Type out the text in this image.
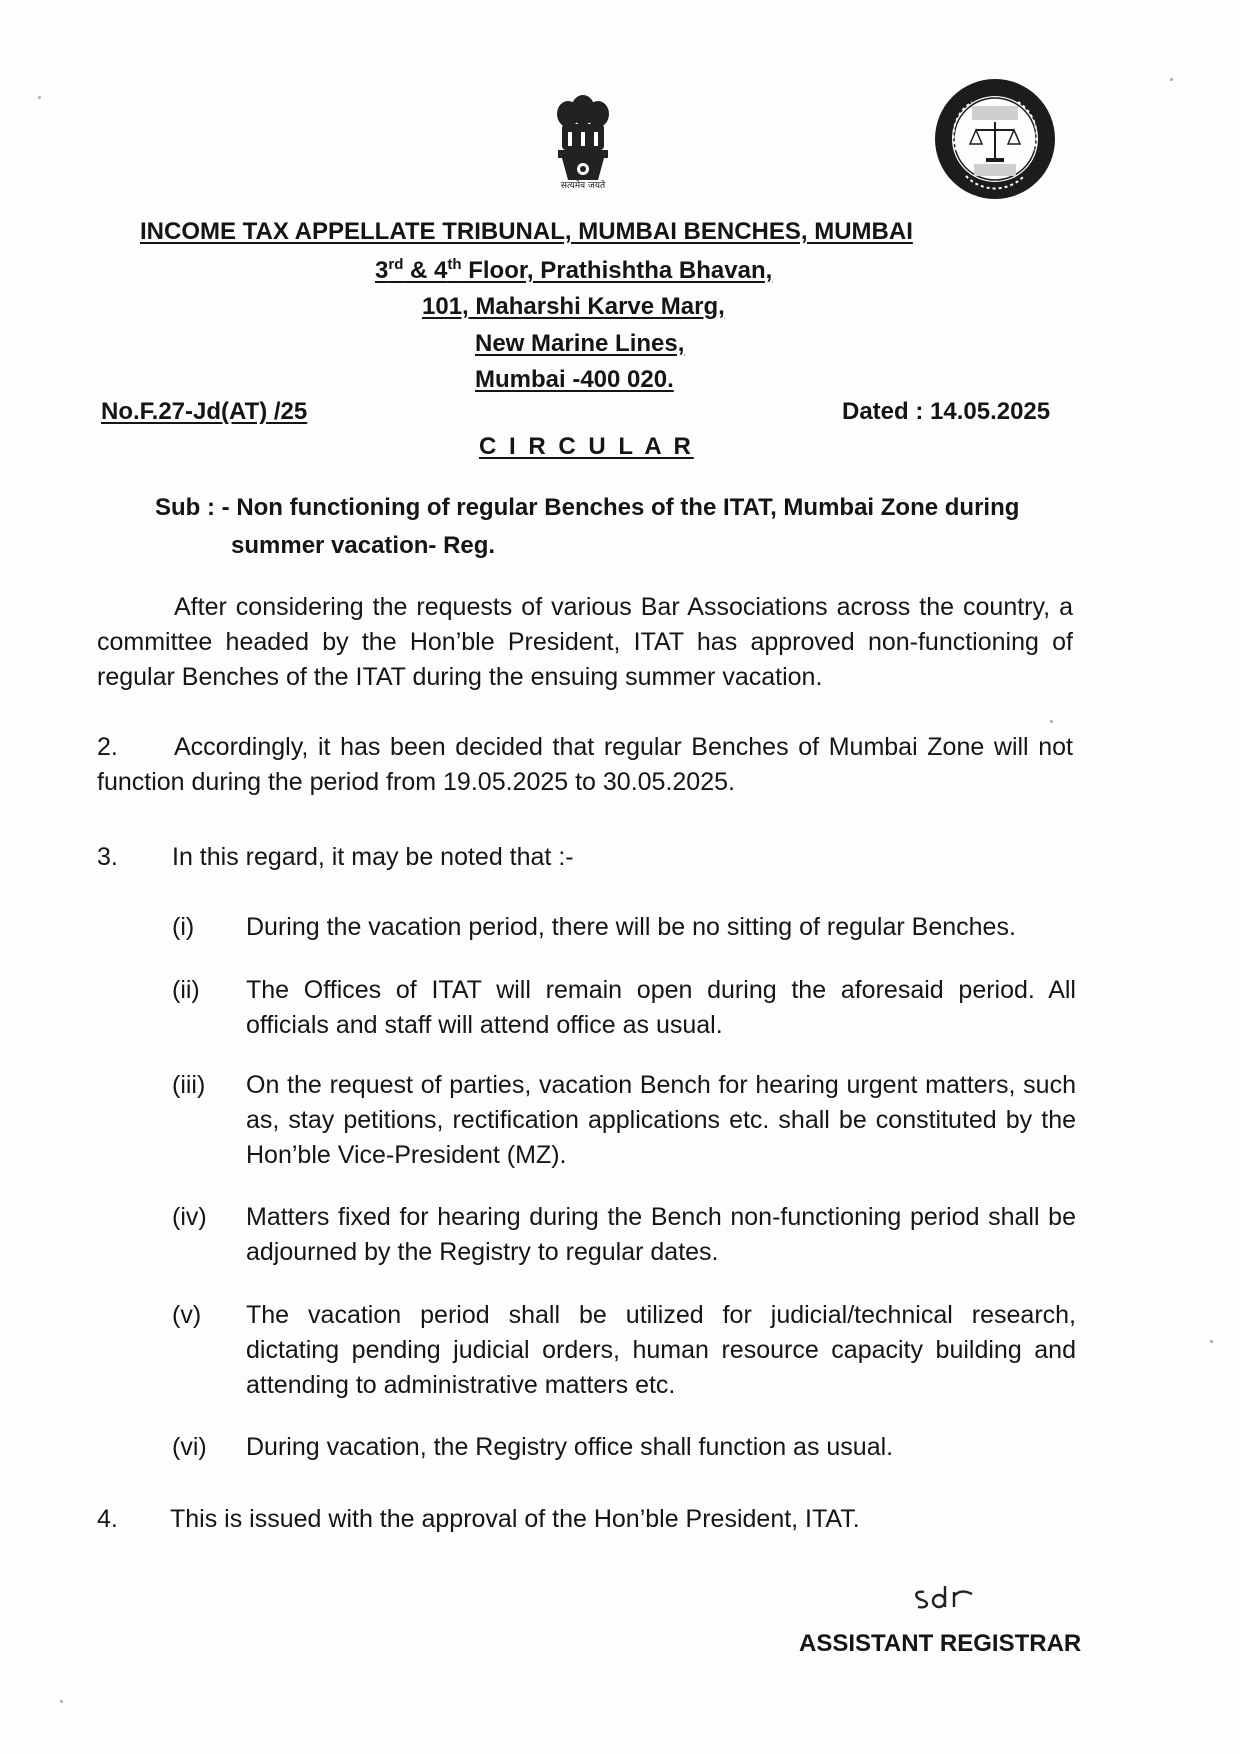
सत्यमेव जयते
INCOME TAX APPELLATE TRIBUNAL, MUMBAI BENCHES, MUMBAI
3rd & 4th Floor, Prathishtha Bhavan,
101, Maharshi Karve Marg,
New Marine Lines,
Mumbai -400 020.
No.F.27-Jd(AT) /25	Dated : 14.05.2025
C I R C U L A R
Sub : - Non functioning of regular Benches of the ITAT, Mumbai Zone during
summer vacation- Reg.
After considering the requests of various Bar Associations across the country, a committee headed by the Hon’ble President, ITAT has approved non-functioning of regular Benches of the ITAT during the ensuing summer vacation.
2.	Accordingly, it has been decided that regular Benches of Mumbai Zone will not function during the period from 19.05.2025 to 30.05.2025.
3. In this regard, it may be noted that :-
(i) During the vacation period, there will be no sitting of regular Benches.
(ii) The Offices of ITAT will remain open during the aforesaid period. All officials and staff will attend office as usual.
(iii) On the request of parties, vacation Bench for hearing urgent matters, such as, stay petitions, rectification applications etc. shall be constituted by the Hon’ble Vice-President (MZ).
(iv) Matters fixed for hearing during the Bench non-functioning period shall be adjourned by the Registry to regular dates.
(v) The vacation period shall be utilized for judicial/technical research, dictating pending judicial orders, human resource capacity building and attending to administrative matters etc.
(vi) During vacation, the Registry office shall function as usual.
4. This is issued with the approval of the Hon’ble President, ITAT.
ASSISTANT REGISTRAR
